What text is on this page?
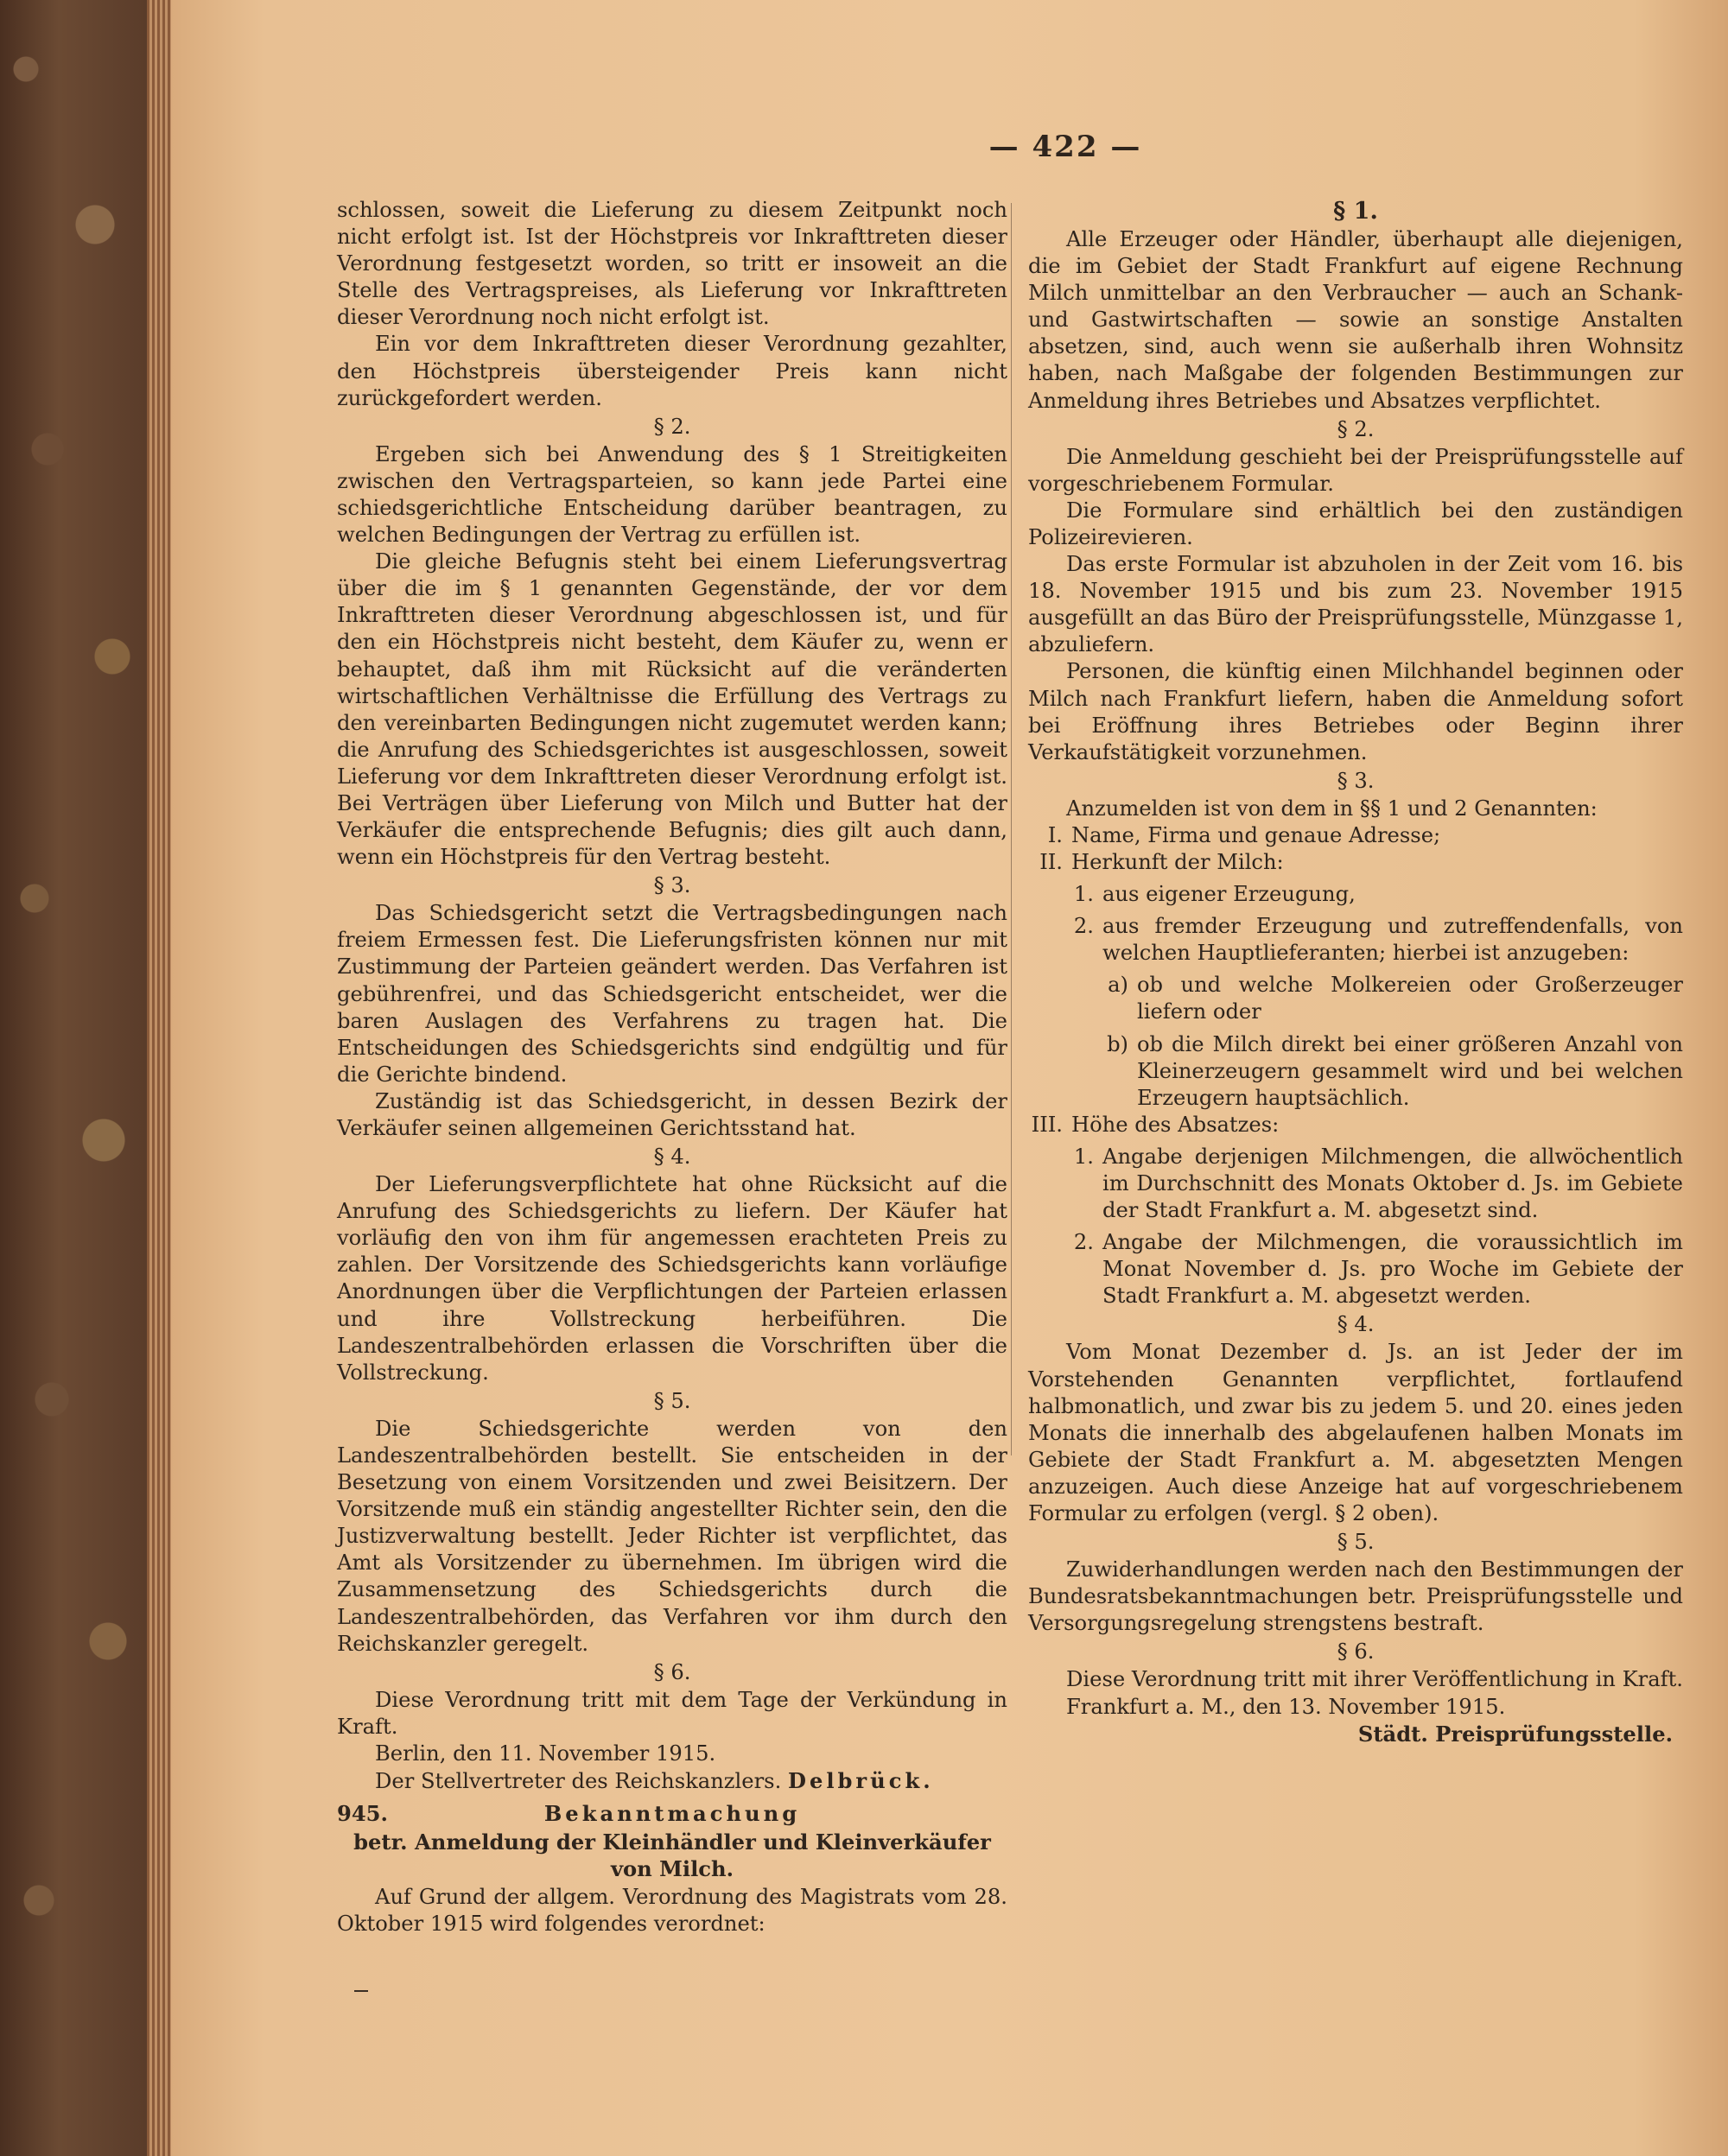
— 422 —

schlossen, soweit die Lieferung zu diesem Zeitpunkt noch nicht erfolgt ist. Ist der Höchstpreis vor Inkrafttreten dieser Verordnung festgesetzt worden, so tritt er insoweit an die Stelle des Vertragspreises, als Lieferung vor Inkrafttreten dieser Verordnung noch nicht erfolgt ist.

Ein vor dem Inkrafttreten dieser Verordnung gezahlter, den Höchstpreis übersteigender Preis kann nicht zurückgefordert werden.

§ 2.

Ergeben sich bei Anwendung des § 1 Streitigkeiten zwischen den Vertragsparteien, so kann jede Partei eine schiedsgerichtliche Entscheidung darüber beantragen, zu welchen Bedingungen der Vertrag zu erfüllen ist.

Die gleiche Befugnis steht bei einem Lieferungsvertrag über die im § 1 genannten Gegenstände, der vor dem Inkrafttreten dieser Verordnung abgeschlossen ist, und für den ein Höchstpreis nicht besteht, dem Käufer zu, wenn er behauptet, daß ihm mit Rücksicht auf die veränderten wirtschaftlichen Verhältnisse die Erfüllung des Vertrags zu den vereinbarten Bedingungen nicht zugemutet werden kann; die Anrufung des Schiedsgerichtes ist ausgeschlossen, soweit Lieferung vor dem Inkrafttreten dieser Verordnung erfolgt ist. Bei Verträgen über Lieferung von Milch und Butter hat der Verkäufer die entsprechende Befugnis; dies gilt auch dann, wenn ein Höchstpreis für den Vertrag besteht.

§ 3.

Das Schiedsgericht setzt die Vertragsbedingungen nach freiem Ermessen fest. Die Lieferungsfristen können nur mit Zustimmung der Parteien geändert werden. Das Verfahren ist gebührenfrei, und das Schiedsgericht entscheidet, wer die baren Auslagen des Verfahrens zu tragen hat. Die Entscheidungen des Schiedsgerichts sind endgültig und für die Gerichte bindend.

Zuständig ist das Schiedsgericht, in dessen Bezirk der Verkäufer seinen allgemeinen Gerichtsstand hat.

§ 4.

Der Lieferungsverpflichtete hat ohne Rücksicht auf die Anrufung des Schiedsgerichts zu liefern. Der Käufer hat vorläufig den von ihm für angemessen erachteten Preis zu zahlen. Der Vorsitzende des Schiedsgerichts kann vorläufige Anordnungen über die Verpflichtungen der Parteien erlassen und ihre Vollstreckung herbeiführen. Die Landeszentralbehörden erlassen die Vorschriften über die Vollstreckung.

§ 5.

Die Schiedsgerichte werden von den Landeszentralbehörden bestellt. Sie entscheiden in der Besetzung von einem Vorsitzenden und zwei Beisitzern. Der Vorsitzende muß ein ständig angestellter Richter sein, den die Justizverwaltung bestellt. Jeder Richter ist verpflichtet, das Amt als Vorsitzender zu übernehmen. Im übrigen wird die Zusammensetzung des Schiedsgerichts durch die Landeszentralbehörden, das Verfahren vor ihm durch den Reichskanzler geregelt.

§ 6.

Diese Verordnung tritt mit dem Tage der Verkündung in Kraft.

Berlin, den 11. November 1915.

Der Stellvertreter des Reichskanzlers. Delbrück.

945.	Bekanntmachung
betr. Anmeldung der Kleinhändler und Kleinverkäufer von Milch.

Auf Grund der allgem. Verordnung des Magistrats vom 28. Oktober 1915 wird folgendes verordnet:

§ 1.

Alle Erzeuger oder Händler, überhaupt alle diejenigen, die im Gebiet der Stadt Frankfurt auf eigene Rechnung Milch unmittelbar an den Verbraucher — auch an Schank- und Gastwirtschaften — sowie an sonstige Anstalten absetzen, sind, auch wenn sie außerhalb ihren Wohnsitz haben, nach Maßgabe der folgenden Bestimmungen zur Anmeldung ihres Betriebes und Absatzes verpflichtet.

§ 2.

Die Anmeldung geschieht bei der Preisprüfungsstelle auf vorgeschriebenem Formular.

Die Formulare sind erhältlich bei den zuständigen Polizeirevieren.

Das erste Formular ist abzuholen in der Zeit vom 16. bis 18. November 1915 und bis zum 23. November 1915 ausgefüllt an das Büro der Preisprüfungsstelle, Münzgasse 1, abzuliefern.

Personen, die künftig einen Milchhandel beginnen oder Milch nach Frankfurt liefern, haben die Anmeldung sofort bei Eröffnung ihres Betriebes oder Beginn ihrer Verkaufstätigkeit vorzunehmen.

§ 3.

Anzumelden ist von dem in §§ 1 und 2 Genannten:

I. Name, Firma und genaue Adresse;
II. Herkunft der Milch:
1. aus eigener Erzeugung,
2. aus fremder Erzeugung und zutreffendenfalls, von welchen Hauptlieferanten; hierbei ist anzugeben:
a) ob und welche Molkereien oder Großerzeuger liefern oder
b) ob die Milch direkt bei einer größeren Anzahl von Kleinerzeugern gesammelt wird und bei welchen Erzeugern hauptsächlich.
III. Höhe des Absatzes:
1. Angabe derjenigen Milchmengen, die allwöchentlich im Durchschnitt des Monats Oktober d. Js. im Gebiete der Stadt Frankfurt a. M. abgesetzt sind.
2. Angabe der Milchmengen, die voraussichtlich im Monat November d. Js. pro Woche im Gebiete der Stadt Frankfurt a. M. abgesetzt werden.
§ 4.

Vom Monat Dezember d. Js. an ist Jeder der im Vorstehenden Genannten verpflichtet, fortlaufend halbmonatlich, und zwar bis zu jedem 5. und 20. eines jeden Monats die innerhalb des abgelaufenen halben Monats im Gebiete der Stadt Frankfurt a. M. abgesetzten Mengen anzuzeigen. Auch diese Anzeige hat auf vorgeschriebenem Formular zu erfolgen (vergl. § 2 oben).

§ 5.

Zuwiderhandlungen werden nach den Bestimmungen der Bundesratsbekanntmachungen betr. Preisprüfungsstelle und Versorgungsregelung strengstens bestraft.

§ 6.

Diese Verordnung tritt mit ihrer Veröffentlichung in Kraft.

Frankfurt a. M., den 13. November 1915.

Städt. Preisprüfungsstelle.
